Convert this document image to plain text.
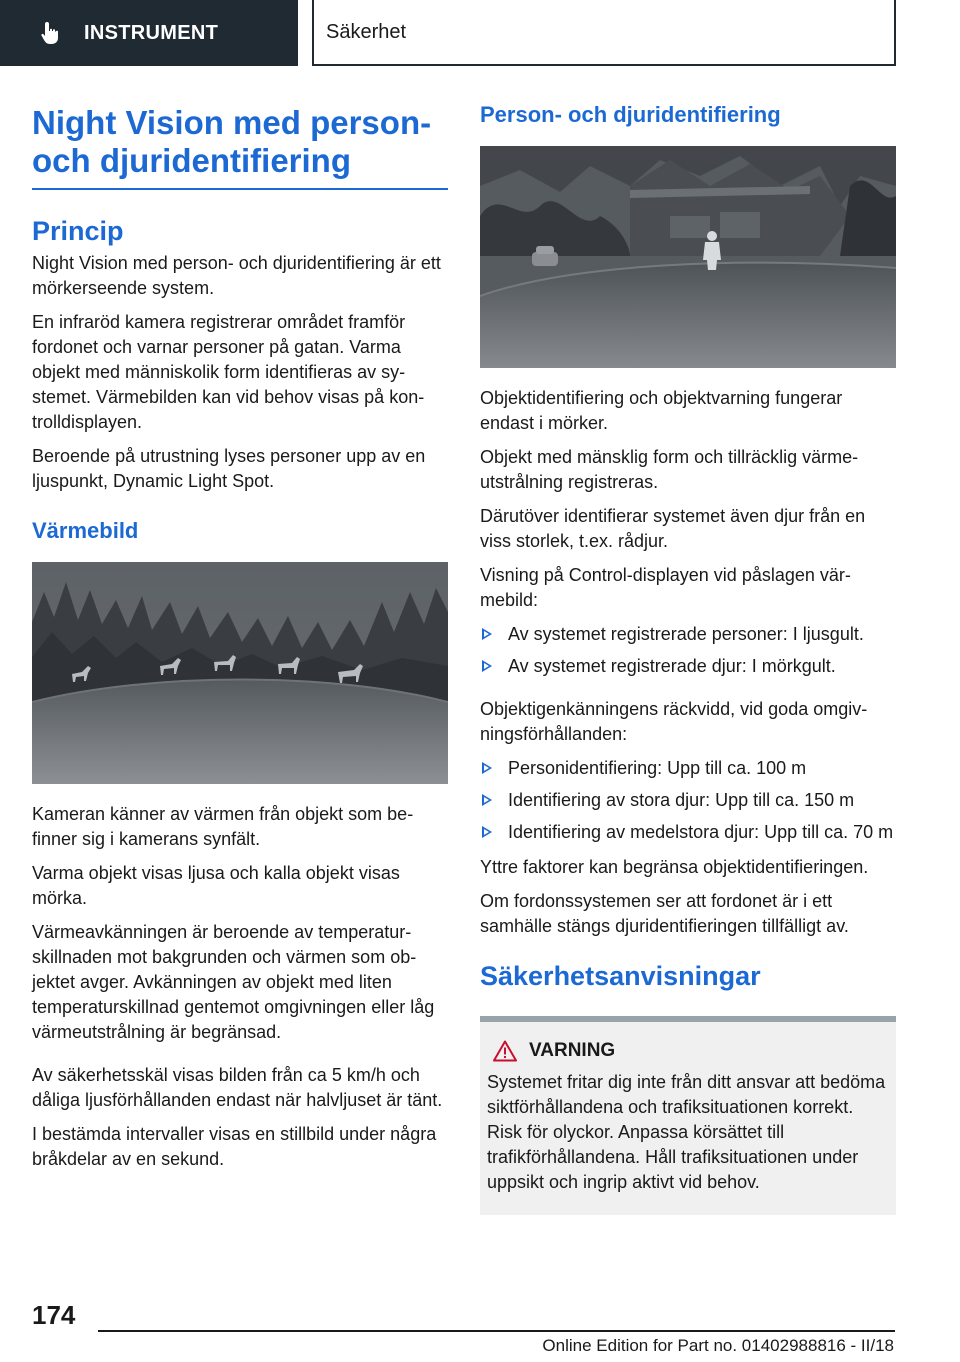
INSTRUMENT	Säkerhet
Night Vision med person- och djuridentifiering
Princip

Night Vision med person- och djuridentifiering är ett mörkerseende system.

En infraröd kamera registrerar området framför fordonet och varnar personer på gatan. Varma objekt med människolik form identifieras av systemet. Värmebilden kan vid behov visas på kontrolldisplayen.

Beroende på utrustning lyses personer upp av en ljuspunkt, Dynamic Light Spot.

Värmebild

Kameran känner av värmen från objekt som befinner sig i kamerans synfält.

Varma objekt visas ljusa och kalla objekt visas mörka.

Värmeavkänningen är beroende av temperaturskillnaden mot bakgrunden och värmen som objektet avger. Avkänningen av objekt med liten temperaturskillnad gentemot omgivningen eller låg värmeutstrålning är begränsad.

Av säkerhetsskäl visas bilden från ca 5 km/h och dåliga ljusförhållanden endast när halvljuset är tänt.

I bestämda intervaller visas en stillbild under några bråkdelar av en sekund.

Person- och djuridentifiering

Objektidentifiering och objektvarning fungerar endast i mörker.

Objekt med mänsklig form och tillräcklig värmeutstrålning registreras.

Därutöver identifierar systemet även djur från en viss storlek, t.ex. rådjur.

Visning på Control-displayen vid påslagen värmebild:

Av systemet registrerade personer: I ljusgult.
Av systemet registrerade djur: I mörkgult.

Objektigenkänningens räckvidd, vid goda omgivningsförhållanden:

Personidentifiering: Upp till ca. 100 m
Identifiering av stora djur: Upp till ca. 150 m
Identifiering av medelstora djur: Upp till ca. 70 m

Yttre faktorer kan begränsa objektidentifieringen.

Om fordonssystemen ser att fordonet är i ett samhälle stängs djuridentifieringen tillfälligt av.

Säkerhetsanvisningar
VARNING

Systemet fritar dig inte från ditt ansvar att bedöma siktförhållandena och trafiksituationen korrekt. Risk för olyckor. Anpassa körsättet till trafikförhållandena. Håll trafiksituationen under uppsikt och ingrip aktivt vid behov.

174
Online Edition for Part no. 01402988816 - II/18
